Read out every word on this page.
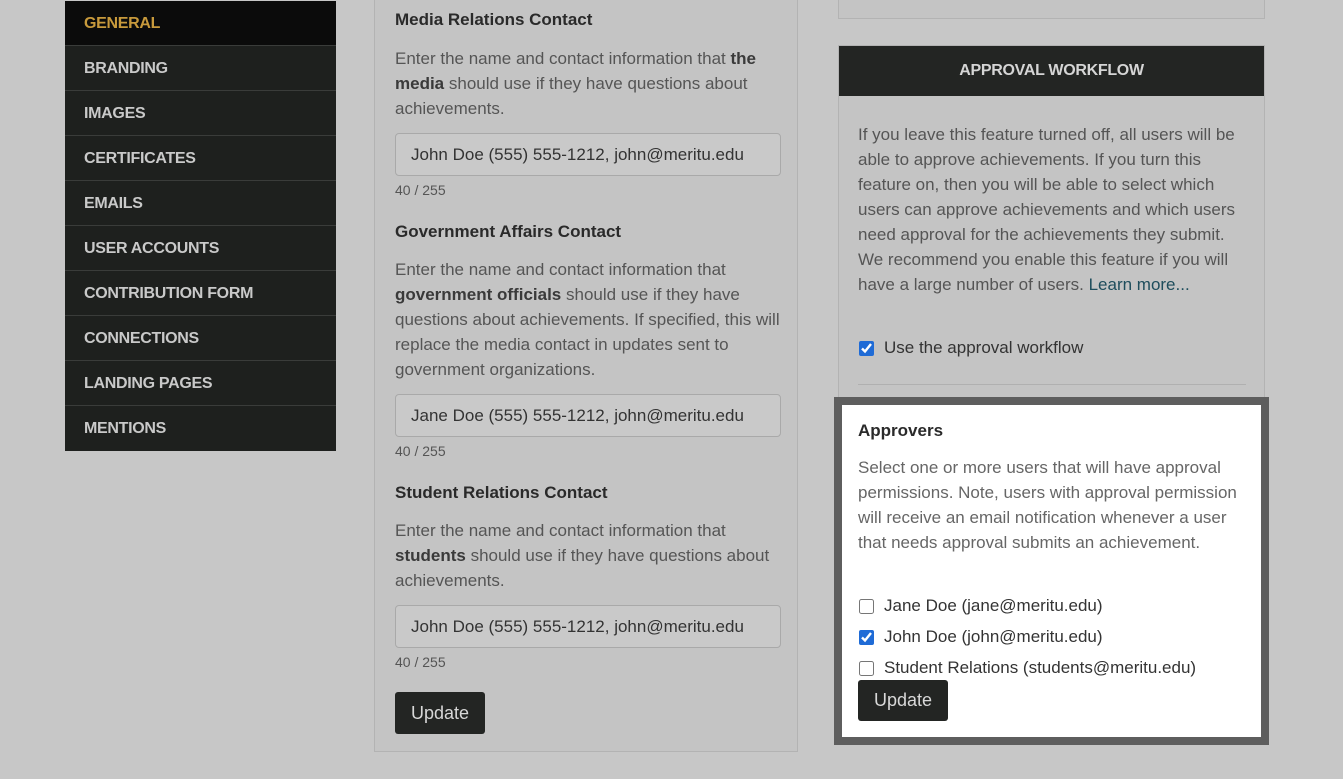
GENERAL
BRANDING
IMAGES
CERTIFICATES
EMAILS
USER ACCOUNTS
CONTRIBUTION FORM
CONNECTIONS
LANDING PAGES
MENTIONS
Media Relations Contact
Enter the name and contact information that the media should use if they have questions about achievements.
John Doe (555) 555-1212, john@meritu.edu
40 / 255
Government Affairs Contact
Enter the name and contact information that government officials should use if they have questions about achievements. If specified, this will replace the media contact in updates sent to government organizations.
Jane Doe (555) 555-1212, john@meritu.edu
40 / 255
Student Relations Contact
Enter the name and contact information that students should use if they have questions about achievements.
John Doe (555) 555-1212, john@meritu.edu
40 / 255
Update
APPROVAL WORKFLOW
If you leave this feature turned off, all users will be able to approve achievements. If you turn this feature on, then you will be able to select which users can approve achievements and which users need approval for the achievements they submit. We recommend you enable this feature if you will have a large number of users. Learn more...
Use the approval workflow
Approvers
Select one or more users that will have approval permissions. Note, users with approval permission will receive an email notification whenever a user that needs approval submits an achievement.
Jane Doe (jane@meritu.edu)
John Doe (john@meritu.edu)
Student Relations (students@meritu.edu)
Update
